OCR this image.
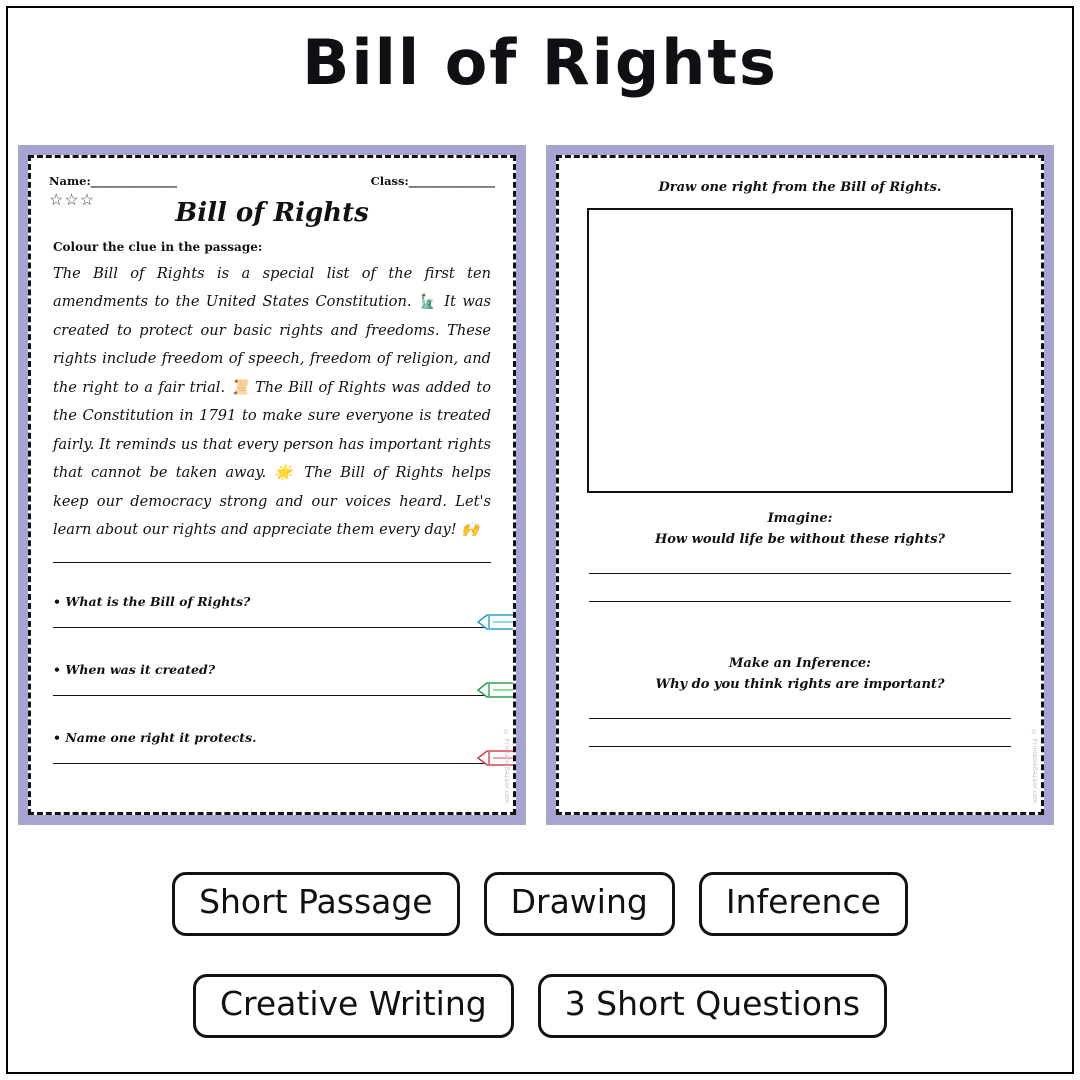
Bill of Rights
Name:_______________	Class:_______________
☆☆☆	Bill of Rights
Colour the clue in the passage:
The Bill of Rights is a special list of the first ten amendments to the United States Constitution. 🗽 It was created to protect our basic rights and freedoms. These rights include freedom of speech, freedom of religion, and the right to a fair trial. 📜 The Bill of Rights was added to the Constitution in 1791 to make sure everyone is treated fairly. It reminds us that every person has important rights that cannot be taken away. 🌟 The Bill of Rights helps keep our democracy strong and our voices heard. Let's learn about our rights and appreciate them every day! 🙌
• What is the Bill of Rights?
• When was it created?
• Name one right it protects.	© PrintableBazaar.com
Draw one right from the Bill of Rights.
Imagine:
How would life be without these rights?
Make an Inference:
Why do you think rights are important?
© PrintableBazaar.com
Short Passage	Drawing	Inference
Creative Writing	3 Short Questions
